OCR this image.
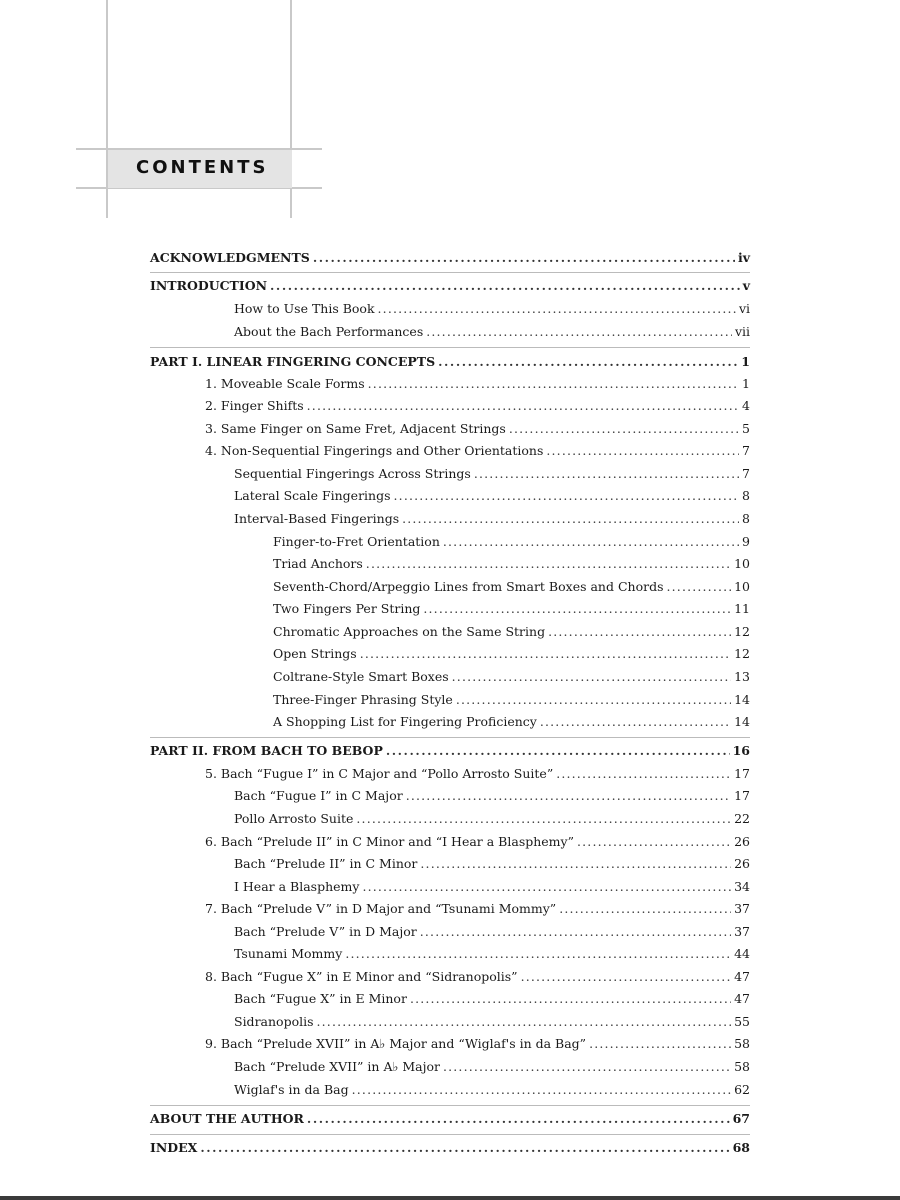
CONTENTS
ACKNOWLEDGMENTS . . .	iv
INTRODUCTION . . .	v
How to Use This Book . . .	vi
About the Bach Performances . . .	vii
PART I. LINEAR FINGERING CONCEPTS . . .	1
1. Moveable Scale Forms . . .	1
2. Finger Shifts . . .	4
3. Same Finger on Same Fret, Adjacent Strings . . .	5
4. Non-Sequential Fingerings and Other Orientations . . .	7
Sequential Fingerings Across Strings . . .	7
Lateral Scale Fingerings . . .	8
Interval-Based Fingerings . . .	8
Finger-to-Fret Orientation . . .	9
Triad Anchors . . .	10
Seventh-Chord/Arpeggio Lines from Smart Boxes and Chords . . .	10
Two Fingers Per String . . .	11
Chromatic Approaches on the Same String . . .	12
Open Strings . . .	12
Coltrane-Style Smart Boxes . . .	13
Three-Finger Phrasing Style . . .	14
A Shopping List for Fingering Proficiency . . .	14
PART II. FROM BACH TO BEBOP . . .	16
5. Bach “Fugue I” in C Major and “Pollo Arrosto Suite” . . .	17
Bach “Fugue I” in C Major . . .	17
Pollo Arrosto Suite . . .	22
6. Bach “Prelude II” in C Minor and “I Hear a Blasphemy” . . .	26
Bach “Prelude II” in C Minor . . .	26
I Hear a Blasphemy . . .	34
7. Bach “Prelude V” in D Major and “Tsunami Mommy” . . .	37
Bach “Prelude V” in D Major . . .	37
Tsunami Mommy . . .	44
8. Bach “Fugue X” in E Minor and “Sidranopolis” . . .	47
Bach “Fugue X” in E Minor . . .	47
Sidranopolis . . .	55
9. Bach “Prelude XVII” in A♭ Major and “Wiglaf's in da Bag” . . .	58
Bach “Prelude XVII” in A♭ Major . . .	58
Wiglaf's in da Bag . . .	62
ABOUT THE AUTHOR . . .	67
INDEX . . .	68
